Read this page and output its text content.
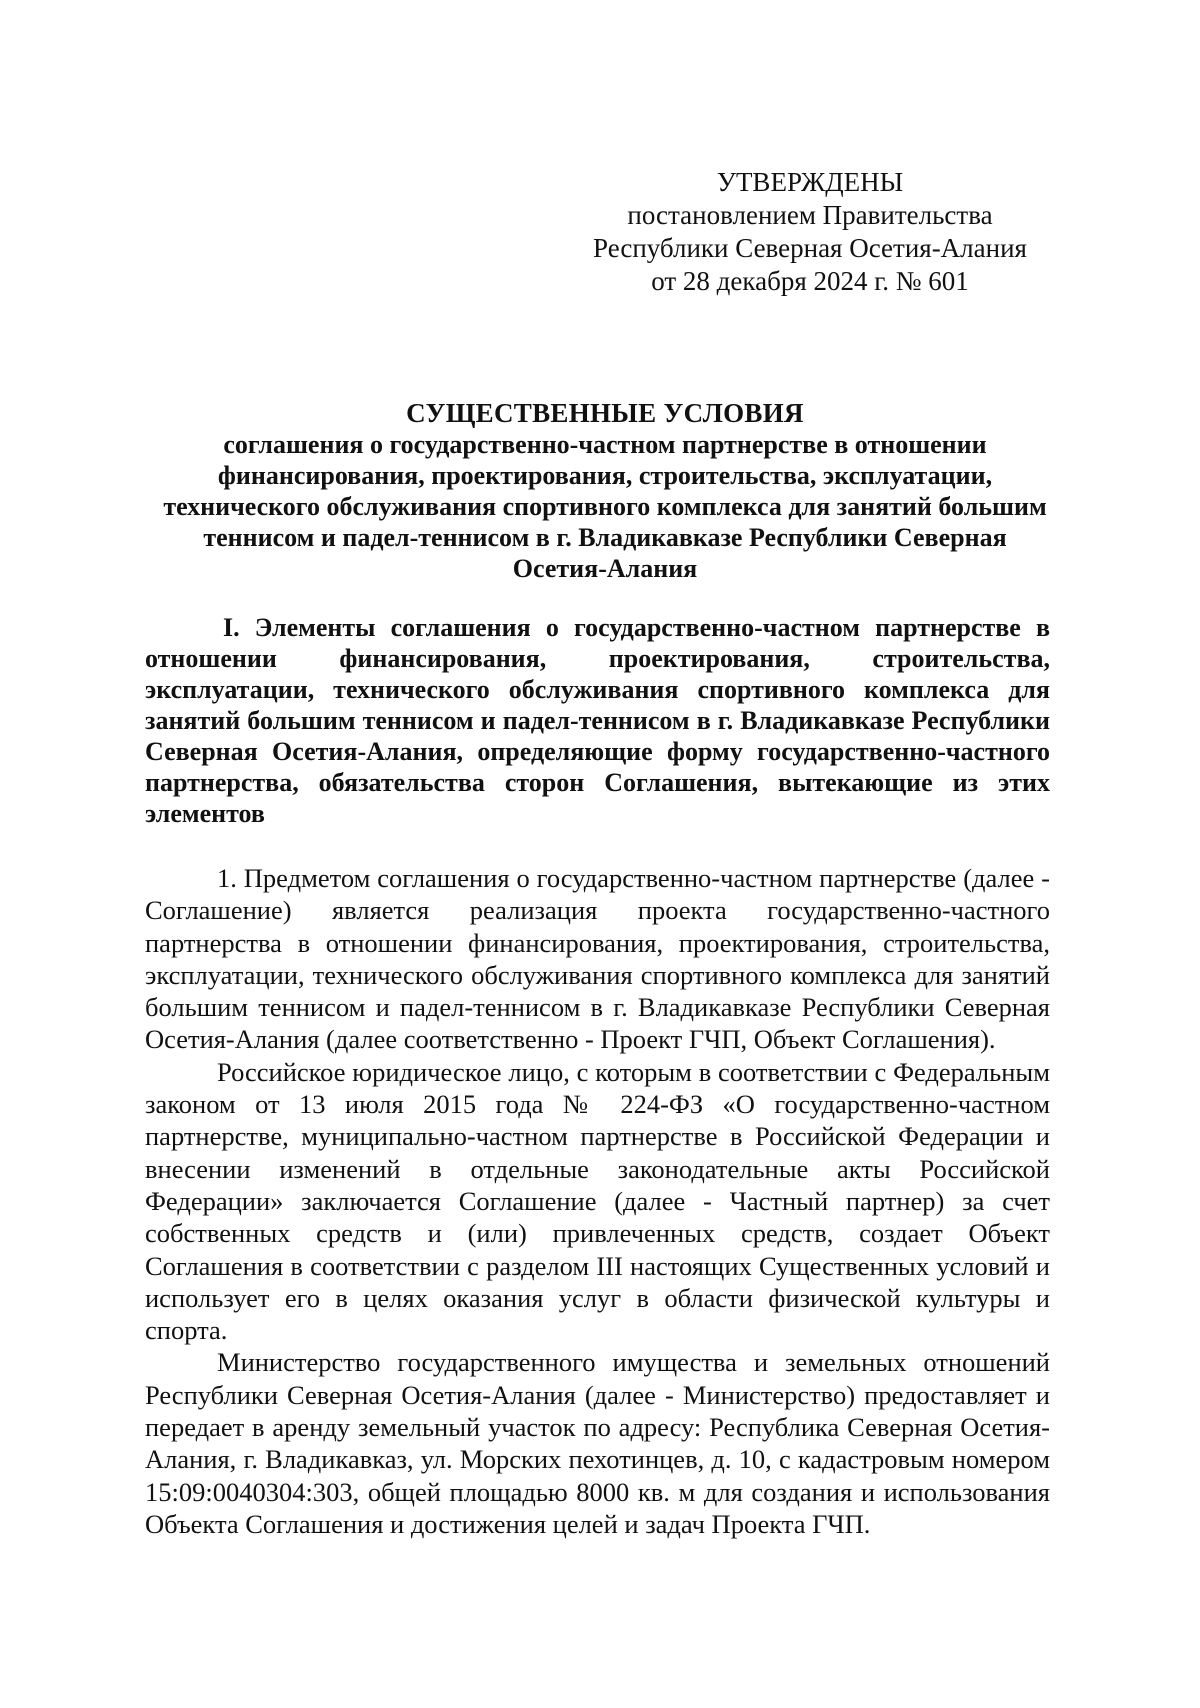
УТВЕРЖДЕНЫ
постановлением Правительства
Республики Северная Осетия-Алания
от 28 декабря 2024 г. № 601
СУЩЕСТВЕННЫЕ УСЛОВИЯ
соглашения о государственно-частном партнерстве в отношении финансирования, проектирования, строительства, эксплуатации, технического обслуживания спортивного комплекса для занятий большим теннисом и падел-теннисом в г. Владикавказе Республики Северная Осетия-Алания
I. Элементы соглашения о государственно-частном партнерстве в отношении финансирования, проектирования, строительства, эксплуатации, технического обслуживания спортивного комплекса для занятий большим теннисом и падел-теннисом в г. Владикавказе Республики Северная Осетия-Алания, определяющие форму государственно-частного партнерства, обязательства сторон Соглашения, вытекающие из этих элементов

1. Предметом соглашения о государственно-частном партнерстве (далее - Соглашение) является реализация проекта государственно-частного партнерства в отношении финансирования, проектирования, строительства, эксплуатации, технического обслуживания спортивного комплекса для занятий большим теннисом и падел-теннисом в г. Владикавказе Республики Северная Осетия-Алания (далее соответственно - Проект ГЧП, Объект Соглашения).

Российское юридическое лицо, с которым в соответствии с Федеральным законом от 13 июля 2015 года № 224-ФЗ «О государственно-частном партнерстве, муниципально-частном партнерстве в Российской Федерации и внесении изменений в отдельные законодательные акты Российской Федерации» заключается Соглашение (далее - Частный партнер) за счет собственных средств и (или) привлеченных средств, создает Объект Соглашения в соответствии с разделом III настоящих Существенных условий и использует его в целях оказания услуг в области физической культуры и спорта.

Министерство государственного имущества и земельных отношений Республики Северная Осетия-Алания (далее - Министерство) предоставляет и передает в аренду земельный участок по адресу: Республика Северная Осетия-Алания, г. Владикавказ, ул. Морских пехотинцев, д. 10, с кадастровым номером 15:09:0040304:303, общей площадью 8000 кв. м для создания и использования Объекта Соглашения и достижения целей и задач Проекта ГЧП.
